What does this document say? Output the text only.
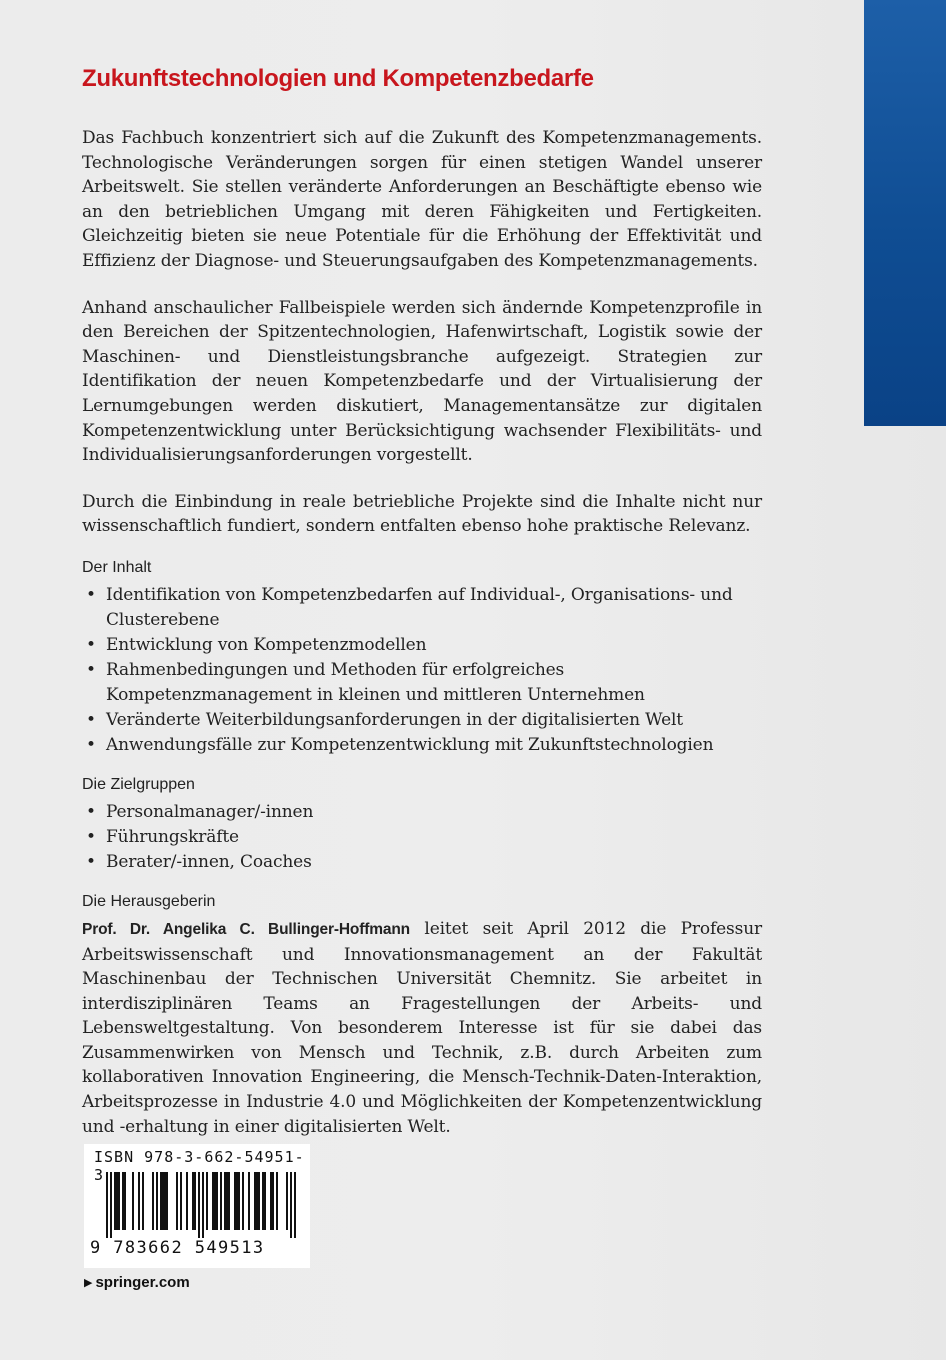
Zukunftstechnologien und Kompetenzbedarfe

Das Fachbuch konzentriert sich auf die Zukunft des Kompetenzmanagements. Technologische Veränderungen sorgen für einen stetigen Wandel unserer Arbeitswelt. Sie stellen veränderte Anforderungen an Beschäftigte ebenso wie an den betrieblichen Umgang mit deren Fähigkeiten und Fertigkeiten. Gleichzeitig bieten sie neue Potentiale für die Erhöhung der Effektivität und Effizienz der Diagnose- und Steuerungsaufgaben des Kompetenzmanagements.

Anhand anschaulicher Fallbeispiele werden sich ändernde Kompetenzprofile in den Bereichen der Spitzentechnologien, Hafenwirtschaft, Logistik sowie der Maschinen- und Dienstleistungsbranche aufgezeigt. Strategien zur Identifikation der neuen Kompetenzbedarfe und der Virtualisierung der Lernumgebungen werden diskutiert, Managementansätze zur digitalen Kompetenzentwicklung unter Berücksichtigung wachsender Flexibilitäts- und Individualisierungsanforderungen vorgestellt.

Durch die Einbindung in reale betriebliche Projekte sind die Inhalte nicht nur wissenschaftlich fundiert, sondern entfalten ebenso hohe praktische Relevanz.

Der Inhalt
• Identifikation von Kompetenzbedarfen auf Individual-, Organisations- und Clusterebene
• Entwicklung von Kompetenzmodellen
• Rahmenbedingungen und Methoden für erfolgreiches Kompetenzmanagement in kleinen und mittleren Unternehmen
• Veränderte Weiterbildungsanforderungen in der digitalisierten Welt
• Anwendungsfälle zur Kompetenzentwicklung mit Zukunftstechnologien
Die Zielgruppen
• Personalmanager/-innen
• Führungskräfte
• Berater/-innen, Coaches
Die Herausgeberin

Prof. Dr. Angelika C. Bullinger-Hoffmann leitet seit April 2012 die Professur Arbeitswissenschaft und Innovationsmanagement an der Fakultät Maschinenbau der Technischen Universität Chemnitz. Sie arbeitet in interdisziplinären Teams an Fragestellungen der Arbeits- und Lebensweltgestaltung. Von besonderem Interesse ist für sie dabei das Zusammenwirken von Mensch und Technik, z.B. durch Arbeiten zum kollaborativen Innovation Engineering, die Mensch-Technik-Daten-Interaktion, Arbeitsprozesse in Industrie 4.0 und Möglichkeiten der Kompetenzentwicklung und -erhaltung in einer digitalisierten Welt.

ISBN 978-3-662-54951-3
9 783662 549513
▶ springer.com
